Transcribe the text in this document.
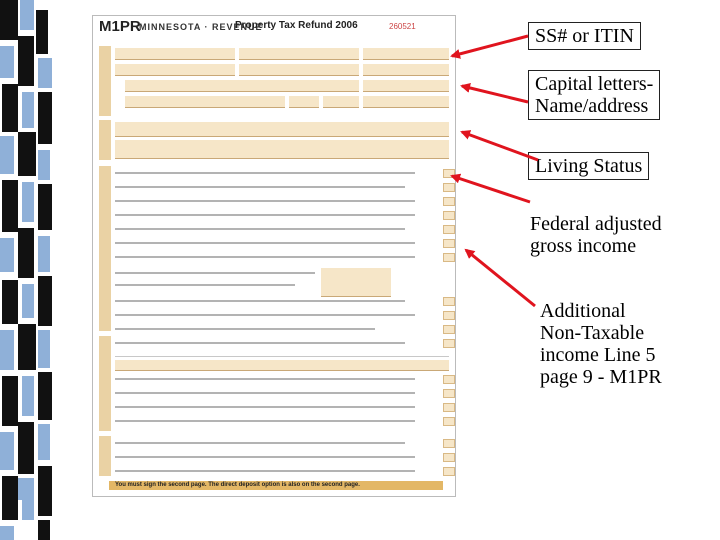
M1PR
MINNESOTA · REVENUE
Property Tax Refund 2006	260521
You must sign the second page. The direct deposit option is also on the second page.
SS# or ITIN
Capital letters-
Name/address
Living Status
Federal adjusted
gross income
Additional
Non-Taxable
income Line 5
page 9 - M1PR
